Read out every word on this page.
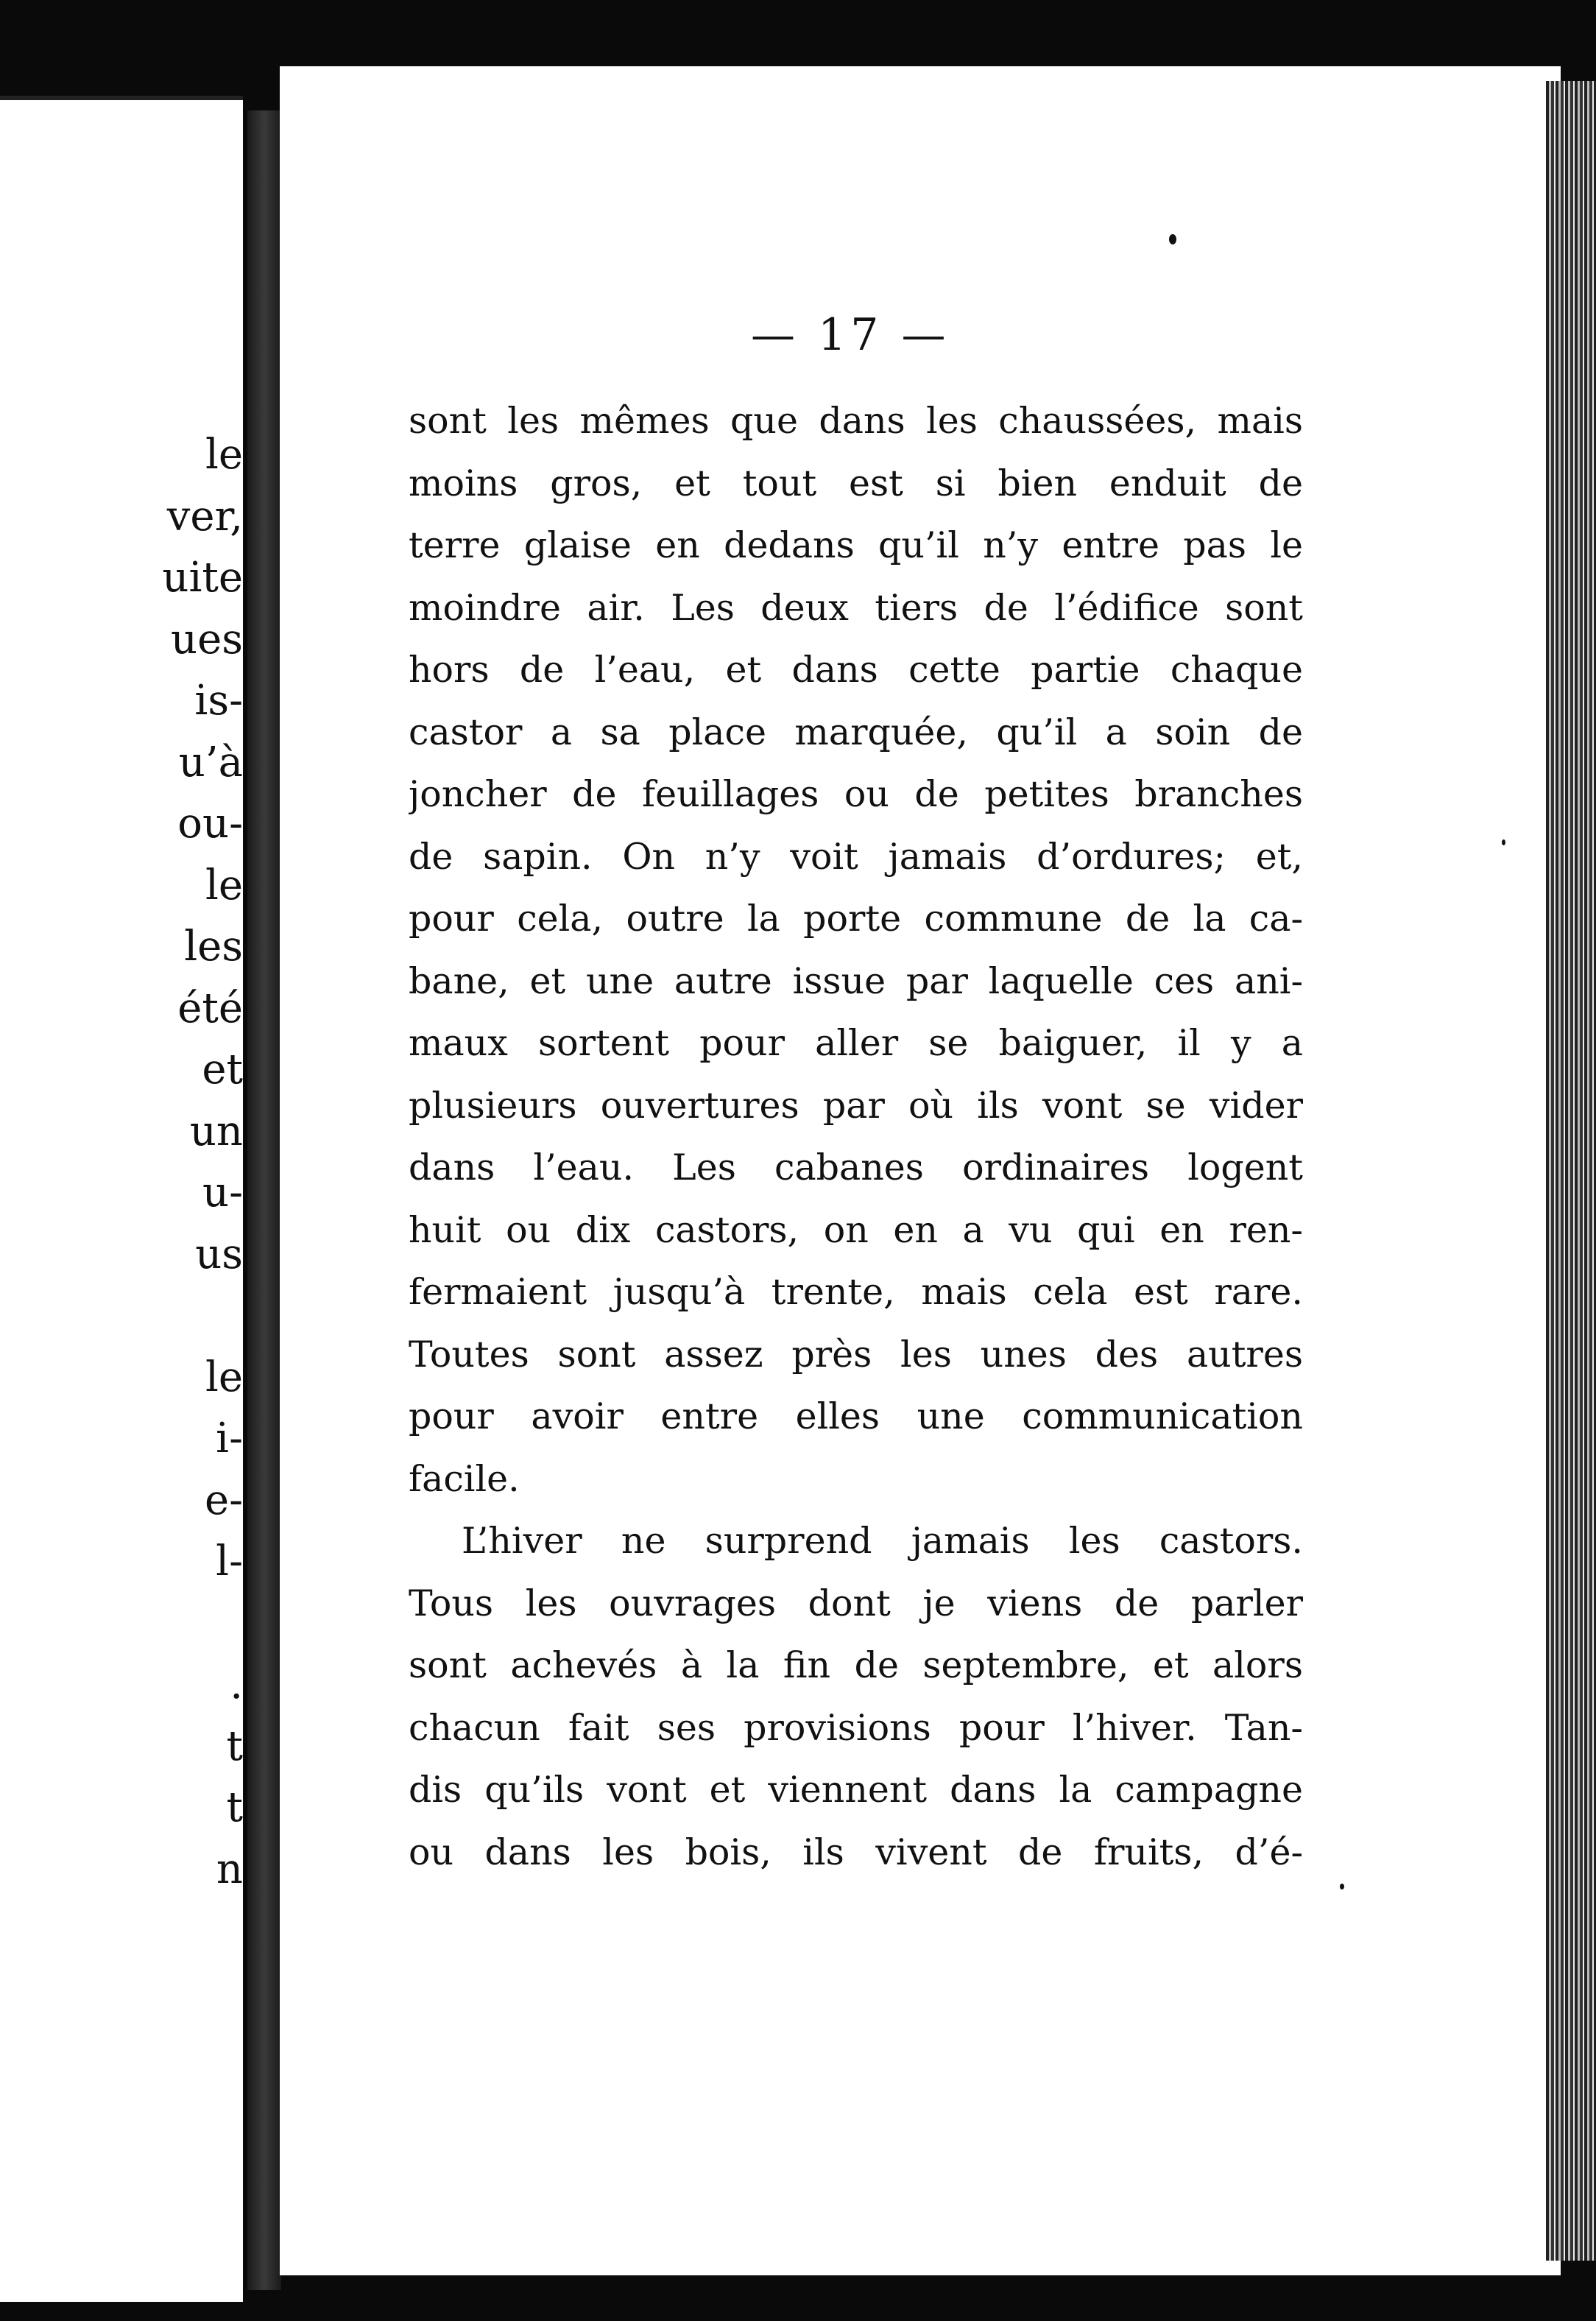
le
ver,
uite
ues
is-
u’à
ou-
le
les
été
et
un
u-
us
le
i-
e-
l-
.
t
t
n
— 17 —
sont les mêmes que dans les chaussées, mais
moins gros, et tout est si bien enduit de
terre glaise en dedans qu’il n’y entre pas le
moindre air. Les deux tiers de l’édifice sont
hors de l’eau, et dans cette partie chaque
castor a sa place marquée, qu’il a soin de
joncher de feuillages ou de petites branches
de sapin. On n’y voit jamais d’ordures; et,
pour cela, outre la porte commune de la ca-
bane, et une autre issue par laquelle ces ani-
maux sortent pour aller se baiguer, il y a
plusieurs ouvertures par où ils vont se vider
dans l’eau. Les cabanes ordinaires logent
huit ou dix castors, on en a vu qui en ren-
fermaient jusqu’à trente, mais cela est rare.
Toutes sont assez près les unes des autres
pour avoir entre elles une communication
facile.
L’hiver ne surprend jamais les castors.
Tous les ouvrages dont je viens de parler
sont achevés à la fin de septembre, et alors
chacun fait ses provisions pour l’hiver. Tan-
dis qu’ils vont et viennent dans la campagne
ou dans les bois, ils vivent de fruits, d’é-
